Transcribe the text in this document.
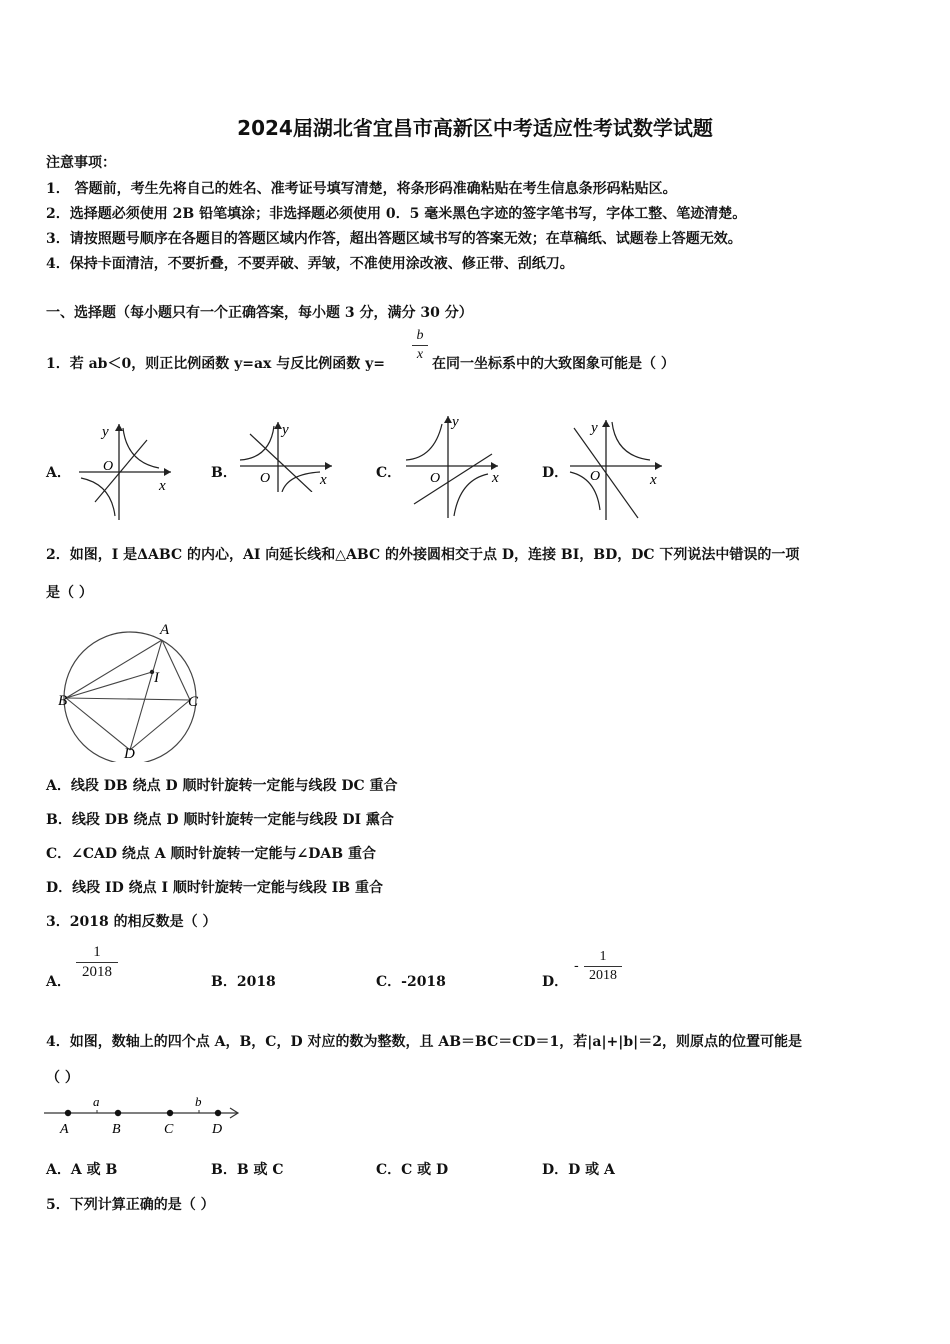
2024届湖北省宜昌市高新区中考适应性考试数学试题
注意事项：
1． 答题前，考生先将自己的姓名、准考证号填写清楚，将条形码准确粘贴在考生信息条形码粘贴区。
2．选择题必须使用 2B 铅笔填涂；非选择题必须使用 0．5 毫米黑色字迹的签字笔书写，字体工整、笔迹清楚。
3．请按照题号顺序在各题目的答题区域内作答，超出答题区域书写的答案无效；在草稿纸、试题卷上答题无效。
4．保持卡面清洁，不要折叠，不要弄破、弄皱，不准使用涂改液、修正带、刮纸刀。
一、选择题（每小题只有一个正确答案，每小题 3 分，满分 30 分）
1．若 ab＜0，则正比例函数 y=ax 与反比例函数 y=
b
x
在同一坐标系中的大致图象可能是（ ）
A．	B．	C．	D．
y
x
O
y
x
O
y
x
O
y
x
O
2．如图，I 是ΔABC 的内心，AI 向延长线和△ABC 的外接圆相交于点 D，连接 BI，BD，DC 下列说法中错误的一项
是（ ）
A
B	C
D
I
A．线段 DB 绕点 D 顺时针旋转一定能与线段 DC 重合
B．线段 DB 绕点 D 顺时针旋转一定能与线段 DI 熏合
C．∠CAD 绕点 A 顺时针旋转一定能与∠DAB 重合
D．线段 ID 绕点 I 顺时针旋转一定能与线段 IB 重合
3．2018 的相反数是（ ）
A．
1
2018
B．2018	C．-2018	D．
-
1
2018
4．如图，数轴上的四个点 A，B，C，D 对应的数为整数，且 AB＝BC＝CD＝1，若|a|+|b|＝2，则原点的位置可能是
（ ）
a	b
A	B	C	D
A．A 或 B	B．B 或 C	C．C 或 D	D．D 或 A
5．下列计算正确的是（ ）
